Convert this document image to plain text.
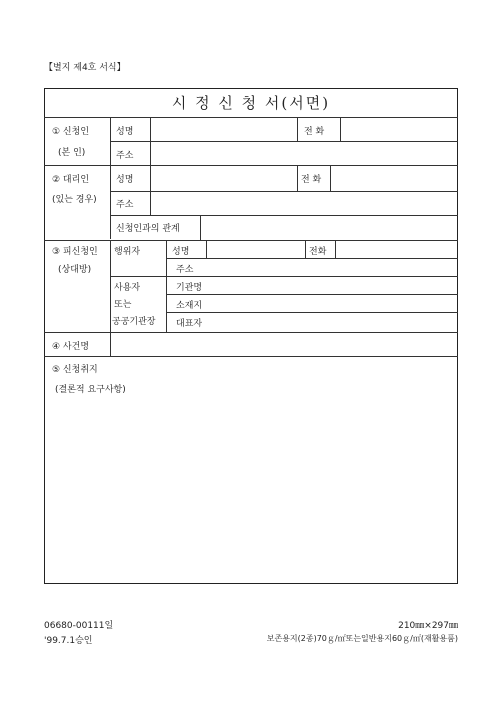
【별지 제4호 서식】
시 정 신 청 서(서면)
① 신청인
(본 인)
성명	전 화
주소
② 대리인
(있는 경우)
성명	전 화
주소
신청인과의 관계
③ 피신청인
(상대방)
행위자	성명	전화
주소
사용자
또는
공공기관장
기관명
소재지
대표자
④ 사건명
⑤ 신청취지
(결론적 요구사항)
06680-00111일
'99.7.1승인
210㎜×297㎜
보존용지(2종)70ｇ/㎡또는일반용지60ｇ/㎡(재활용품)
